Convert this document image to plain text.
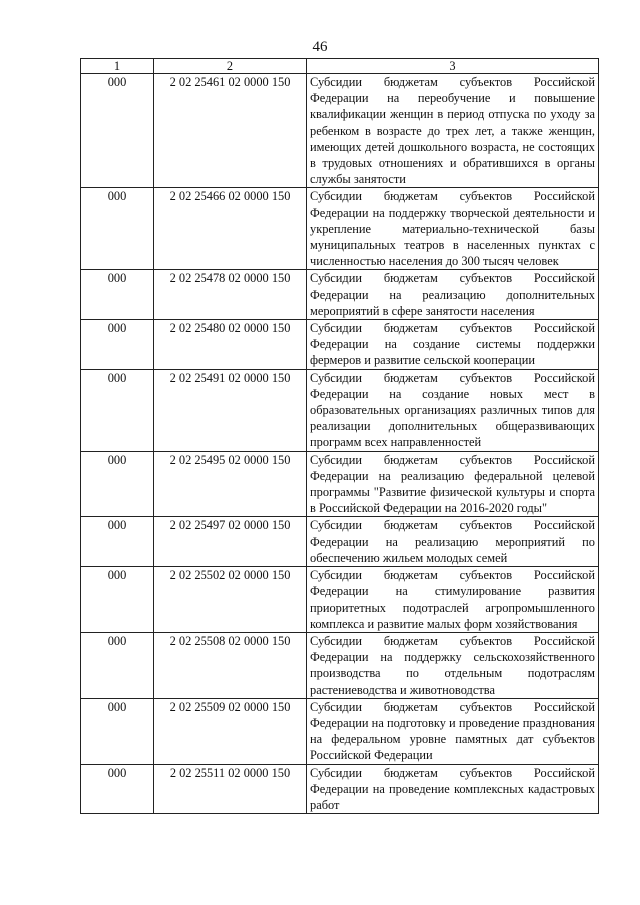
46
1	2	3
000	2 02 25461 02 0000 150	Субсидии бюджетам субъектов Российской Федерации на переобучение и повышение квалификации женщин в период отпуска по уходу за ребенком в возрасте до трех лет, а также женщин, имеющих детей дошкольного возраста, не состоящих в трудовых отношениях и обратившихся в органы службы занятости
000	2 02 25466 02 0000 150	Субсидии бюджетам субъектов Российской Федерации на поддержку творческой деятельности и укрепление материально-технической базы муниципальных театров в населенных пунктах с численностью населения до 300 тысяч человек
000	2 02 25478 02 0000 150	Субсидии бюджетам субъектов Российской Федерации на реализацию дополнительных мероприятий в сфере занятости населения
000	2 02 25480 02 0000 150	Субсидии бюджетам субъектов Российской Федерации на создание системы поддержки фермеров и развитие сельской кооперации
000	2 02 25491 02 0000 150	Субсидии бюджетам субъектов Российской Федерации на создание новых мест в образовательных организациях различных типов для реализации дополнительных общеразвивающих программ всех направленностей
000	2 02 25495 02 0000 150	Субсидии бюджетам субъектов Российской Федерации на реализацию федеральной целевой программы "Развитие физической культуры и спорта в Российской Федерации на 2016-2020 годы"
000	2 02 25497 02 0000 150	Субсидии бюджетам субъектов Российской Федерации на реализацию мероприятий по обеспечению жильем молодых семей
000	2 02 25502 02 0000 150	Субсидии бюджетам субъектов Российской Федерации на стимулирование развития приоритетных подотраслей агропромышленного комплекса и развитие малых форм хозяйствования
000	2 02 25508 02 0000 150	Субсидии бюджетам субъектов Российской Федерации на поддержку сельскохозяйственного производства по отдельным подотраслям растениеводства и животноводства
000	2 02 25509 02 0000 150	Субсидии бюджетам субъектов Российской Федерации на подготовку и проведение празднования на федеральном уровне памятных дат субъектов Российской Федерации
000	2 02 25511 02 0000 150	Субсидии бюджетам субъектов Российской Федерации на проведение комплексных кадастровых работ
